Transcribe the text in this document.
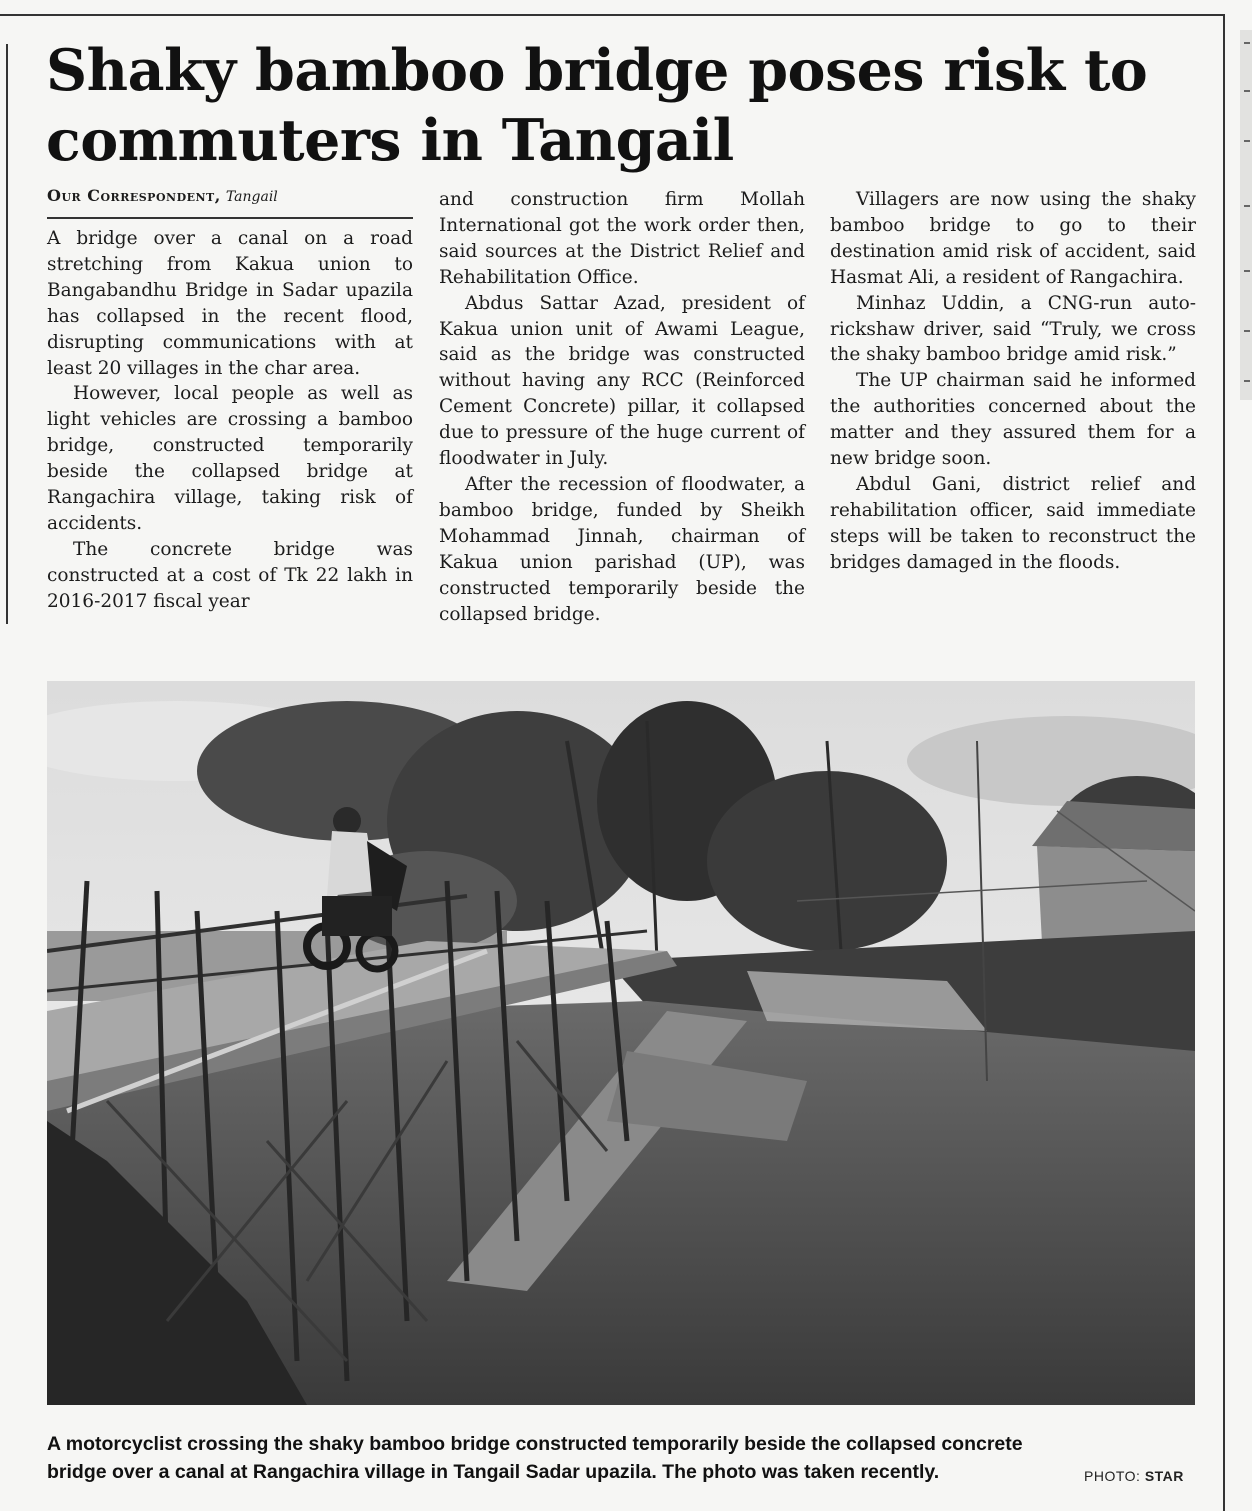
Shaky bamboo bridge poses risk to commuters in Tangail
Our Correspondent, Tangail

A bridge over a canal on a road stretching from Kakua union to Bangabandhu Bridge in Sadar upazila has collapsed in the recent flood, disrupting communications with at least 20 villages in the char area.

However, local people as well as light vehicles are crossing a bamboo bridge, constructed temporarily beside the collapsed bridge at Rangachira village, taking risk of accidents.

The concrete bridge was constructed at a cost of Tk 22 lakh in 2016-2017 fiscal year

and construction firm Mollah International got the work order then, said sources at the District Relief and Rehabilitation Office.

Abdus Sattar Azad, president of Kakua union unit of Awami League, said as the bridge was constructed without having any RCC (Reinforced Cement Concrete) pillar, it collapsed due to pressure of the huge current of floodwater in July.

After the recession of floodwater, a bamboo bridge, funded by Sheikh Mohammad Jinnah, chairman of Kakua union parishad (UP), was constructed temporarily beside the collapsed bridge.

Villagers are now using the shaky bamboo bridge to go to their destination amid risk of accident, said Hasmat Ali, a resident of Rangachira.

Minhaz Uddin, a CNG-run auto-rickshaw driver, said “Truly, we cross the shaky bamboo bridge amid risk.”

The UP chairman said he informed the authorities concerned about the matter and they assured them for a new bridge soon.

Abdul Gani, district relief and rehabilitation officer, said immediate steps will be taken to reconstruct the bridges damaged in the floods.

A motorcyclist crossing the shaky bamboo bridge constructed temporarily beside the collapsed concrete bridge over a canal at Rangachira village in Tangail Sadar upazila. The photo was taken recently.	PHOTO: STAR
